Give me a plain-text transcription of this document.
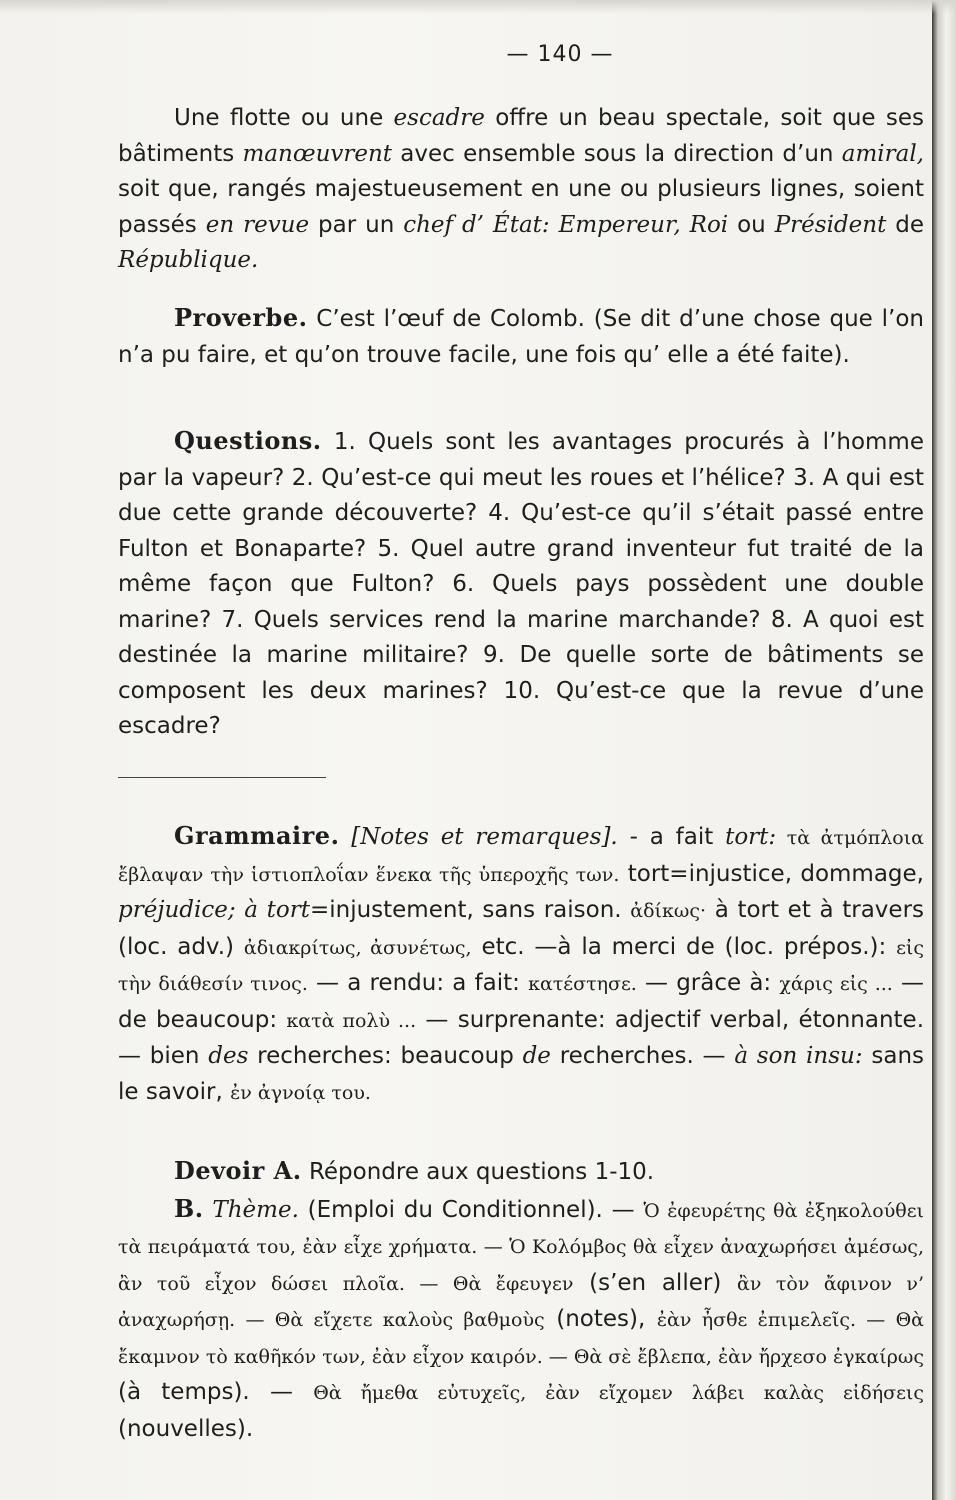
— 140 —

Une flotte ou une escadre offre un beau spectale, soit que ses bâtiments manœuvrent avec ensemble sous la direction d’un amiral, soit que, rangés majestueusement en une ou plusieurs lignes, soient passés en revue par un chef d’ État: Empereur, Roi ou Président de République.

Proverbe. C’est l’œuf de Colomb. (Se dit d’une chose que l’on n’a pu faire, et qu’on trouve facile, une fois qu’ elle a été faite).

Questions. 1. Quels sont les avantages procurés à l’homme par la vapeur? 2. Qu’est-ce qui meut les roues et l’hélice? 3. A qui est due cette grande découverte? 4. Qu’est-ce qu’il s’était passé entre Fulton et Bonaparte? 5. Quel autre grand inventeur fut traité de la même façon que Fulton? 6. Quels pays possèdent une double marine? 7. Quels services rend la marine marchande? 8. A quoi est destinée la marine militaire? 9. De quelle sorte de bâtiments se composent les deux marines? 10. Qu’est-ce que la revue d’une escadre?

Grammaire. [Notes et remarques]. - a fait tort: τὰ ἀτμόπλοια ἔβλαψαν τὴν ἱστιοπλοΐαν ἕνεκα τῆς ὑπεροχῆς των. tort=injustice, dommage, préjudice; à tort=injustement, sans raison. ἀδίκως· à tort et à travers (loc. adv.) ἀδιακρίτως, ἀσυνέτως, etc. —à la merci de (loc. prépos.): εἰς τὴν διάθεσίν τινος. — a rendu: a fait: κατέστησε. — grâce à: χάρις εἰς ... — de beaucoup: κατὰ πολὺ ... — surprenante: adjectif verbal, étonnante. — bien des recherches: beaucoup de recherches. — à son insu: sans le savoir, ἐν ἀγνοίᾳ του.

Devoir A. Répondre aux questions 1-10.

B. Thème. (Emploi du Conditionnel). — Ὁ ἐφευρέτης θὰ ἐξηκολούθει τὰ πειράματά του, ἐὰν εἶχε χρήματα. — Ὁ Κολόμβος θὰ εἶχεν ἀναχωρήσει ἀμέσως, ἂν τοῦ εἶχον δώσει πλοῖα. — Θὰ ἔφευγεν (s’en aller) ἂν τὸν ἄφινον ν’ ἀναχωρήσῃ. — Θὰ εἴχετε καλοὺς βαθμοὺς (notes), ἐὰν ἦσθε ἐπιμελεῖς. — Θὰ ἔκαμνον τὸ καθῆκόν των, ἐὰν εἶχον καιρόν. — Θὰ σὲ ἔβλεπα, ἐὰν ἤρχεσο ἐγκαίρως (à temps). — Θὰ ἤμεθα εὐτυχεῖς, ἐὰν εἴχομεν λάβει καλὰς εἰδήσεις (nouvelles).
